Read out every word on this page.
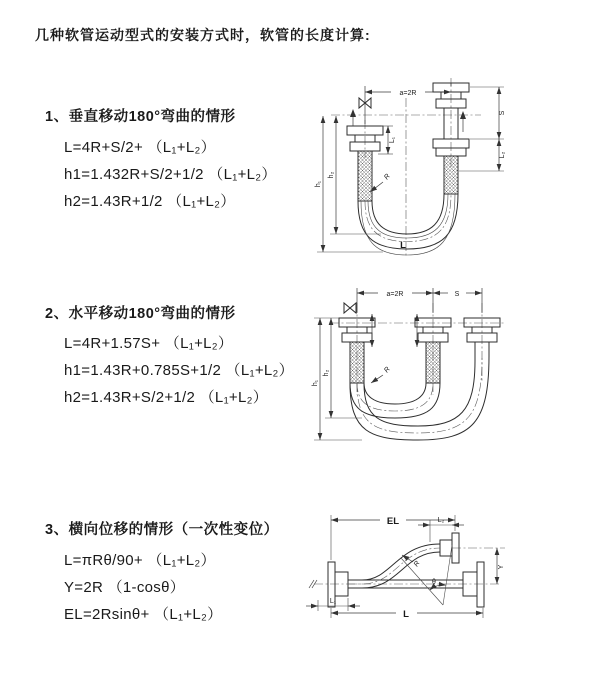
几种软管运动型式的安装方式时，软管的长度计算:
1、垂直移动180°弯曲的情形
L=4R+S/2+ （L₁+L₂）
h1=1.432R+S/2+1/2 （L₁+L₂）
h2=1.43R+1/2 （L₁+L₂）
a=2R
h₁
h₂
L₁
S
L₂
R
L
2、水平移动180°弯曲的情形
L=4R+1.57S+ （L₁+L₂）
h1=1.43R+0.785S+1/2 （L₁+L₂）
h2=1.43R+S/2+1/2 （L₁+L₂）
a=2R	S
h₁
h₂	R
3、横向位移的情形（一次性变位）
L=πRθ/90+ （L₁+L₂）
Y=2R （1-cosθ）
EL=2Rsinθ+ （L₁+L₂）
θ
R
EL	L₂
Y
L₁
L
